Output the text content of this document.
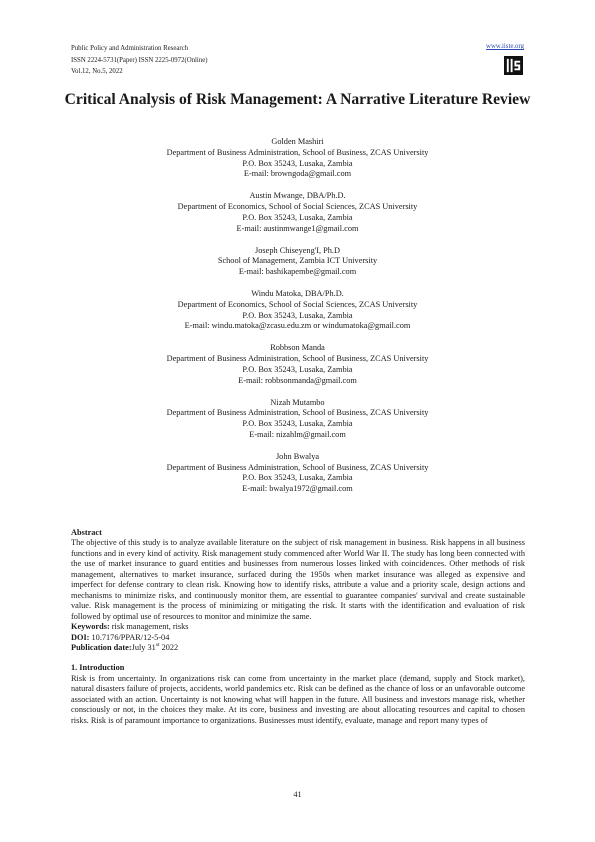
Public Policy and Administration Research
ISSN 2224-5731(Paper) ISSN 2225-0972(Online)
Vol.12, No.5, 2022
www.iiste.org
Critical Analysis of Risk Management: A Narrative Literature Review
Golden Mashiri
Department of Business Administration, School of Business, ZCAS University
P.O. Box 35243, Lusaka, Zambia
E-mail: browngoda@gmail.com
Austin Mwange, DBA/Ph.D.
Department of Economics, School of Social Sciences, ZCAS University
P.O. Box 35243, Lusaka, Zambia
E-mail: austinmwange1@gmail.com
Joseph Chiseyeng'I, Ph.D
School of Management, Zambia ICT University
E-mail: bashikapembe@gmail.com
Windu Matoka, DBA/Ph.D.
Department of Economics, School of Social Sciences, ZCAS University
P.O. Box 35243, Lusaka, Zambia
E-mail: windu.matoka@zcasu.edu.zm or windumatoka@gmail.com
Robbson Manda
Department of Business Administration, School of Business, ZCAS University
P.O. Box 35243, Lusaka, Zambia
E-mail: robbsonmanda@gmail.com
Nizah Mutambo
Department of Business Administration, School of Business, ZCAS University
P.O. Box 35243, Lusaka, Zambia
E-mail: nizahlm@gmail.com
John Bwalya
Department of Business Administration, School of Business, ZCAS University
P.O. Box 35243, Lusaka, Zambia
E-mail: bwalya1972@gmail.com
Abstract

The objective of this study is to analyze available literature on the subject of risk management in business. Risk happens in all business functions and in every kind of activity. Risk management study commenced after World War II. The study has long been connected with the use of market insurance to guard entities and businesses from numerous losses linked with coincidences. Other methods of risk management, alternatives to market insurance, surfaced during the 1950s when market insurance was alleged as expensive and imperfect for defense contrary to clean risk. Knowing how to identify risks, attribute a value and a priority scale, design actions and mechanisms to minimize risks, and continuously monitor them, are essential to guarantee companies' survival and create sustainable value. Risk management is the process of minimizing or mitigating the risk. It starts with the identification and evaluation of risk followed by optimal use of resources to monitor and minimize the same.

Keywords: risk management, risks
DOI: 10.7176/PPAR/12-5-04
Publication date:July 31st 2022
1. Introduction

Risk is from uncertainty. In organizations risk can come from uncertainty in the market place (demand, supply and Stock market), natural disasters failure of projects, accidents, world pandemics etc. Risk can be defined as the chance of loss or an unfavorable outcome associated with an action. Uncertainty is not knowing what will happen in the future. All business and investors manage risk, whether consciously or not, in the choices they make. At its core, business and investing are about allocating resources and capital to chosen risks. Risk is of paramount importance to organizations. Businesses must identify, evaluate, manage and report many types of

41
